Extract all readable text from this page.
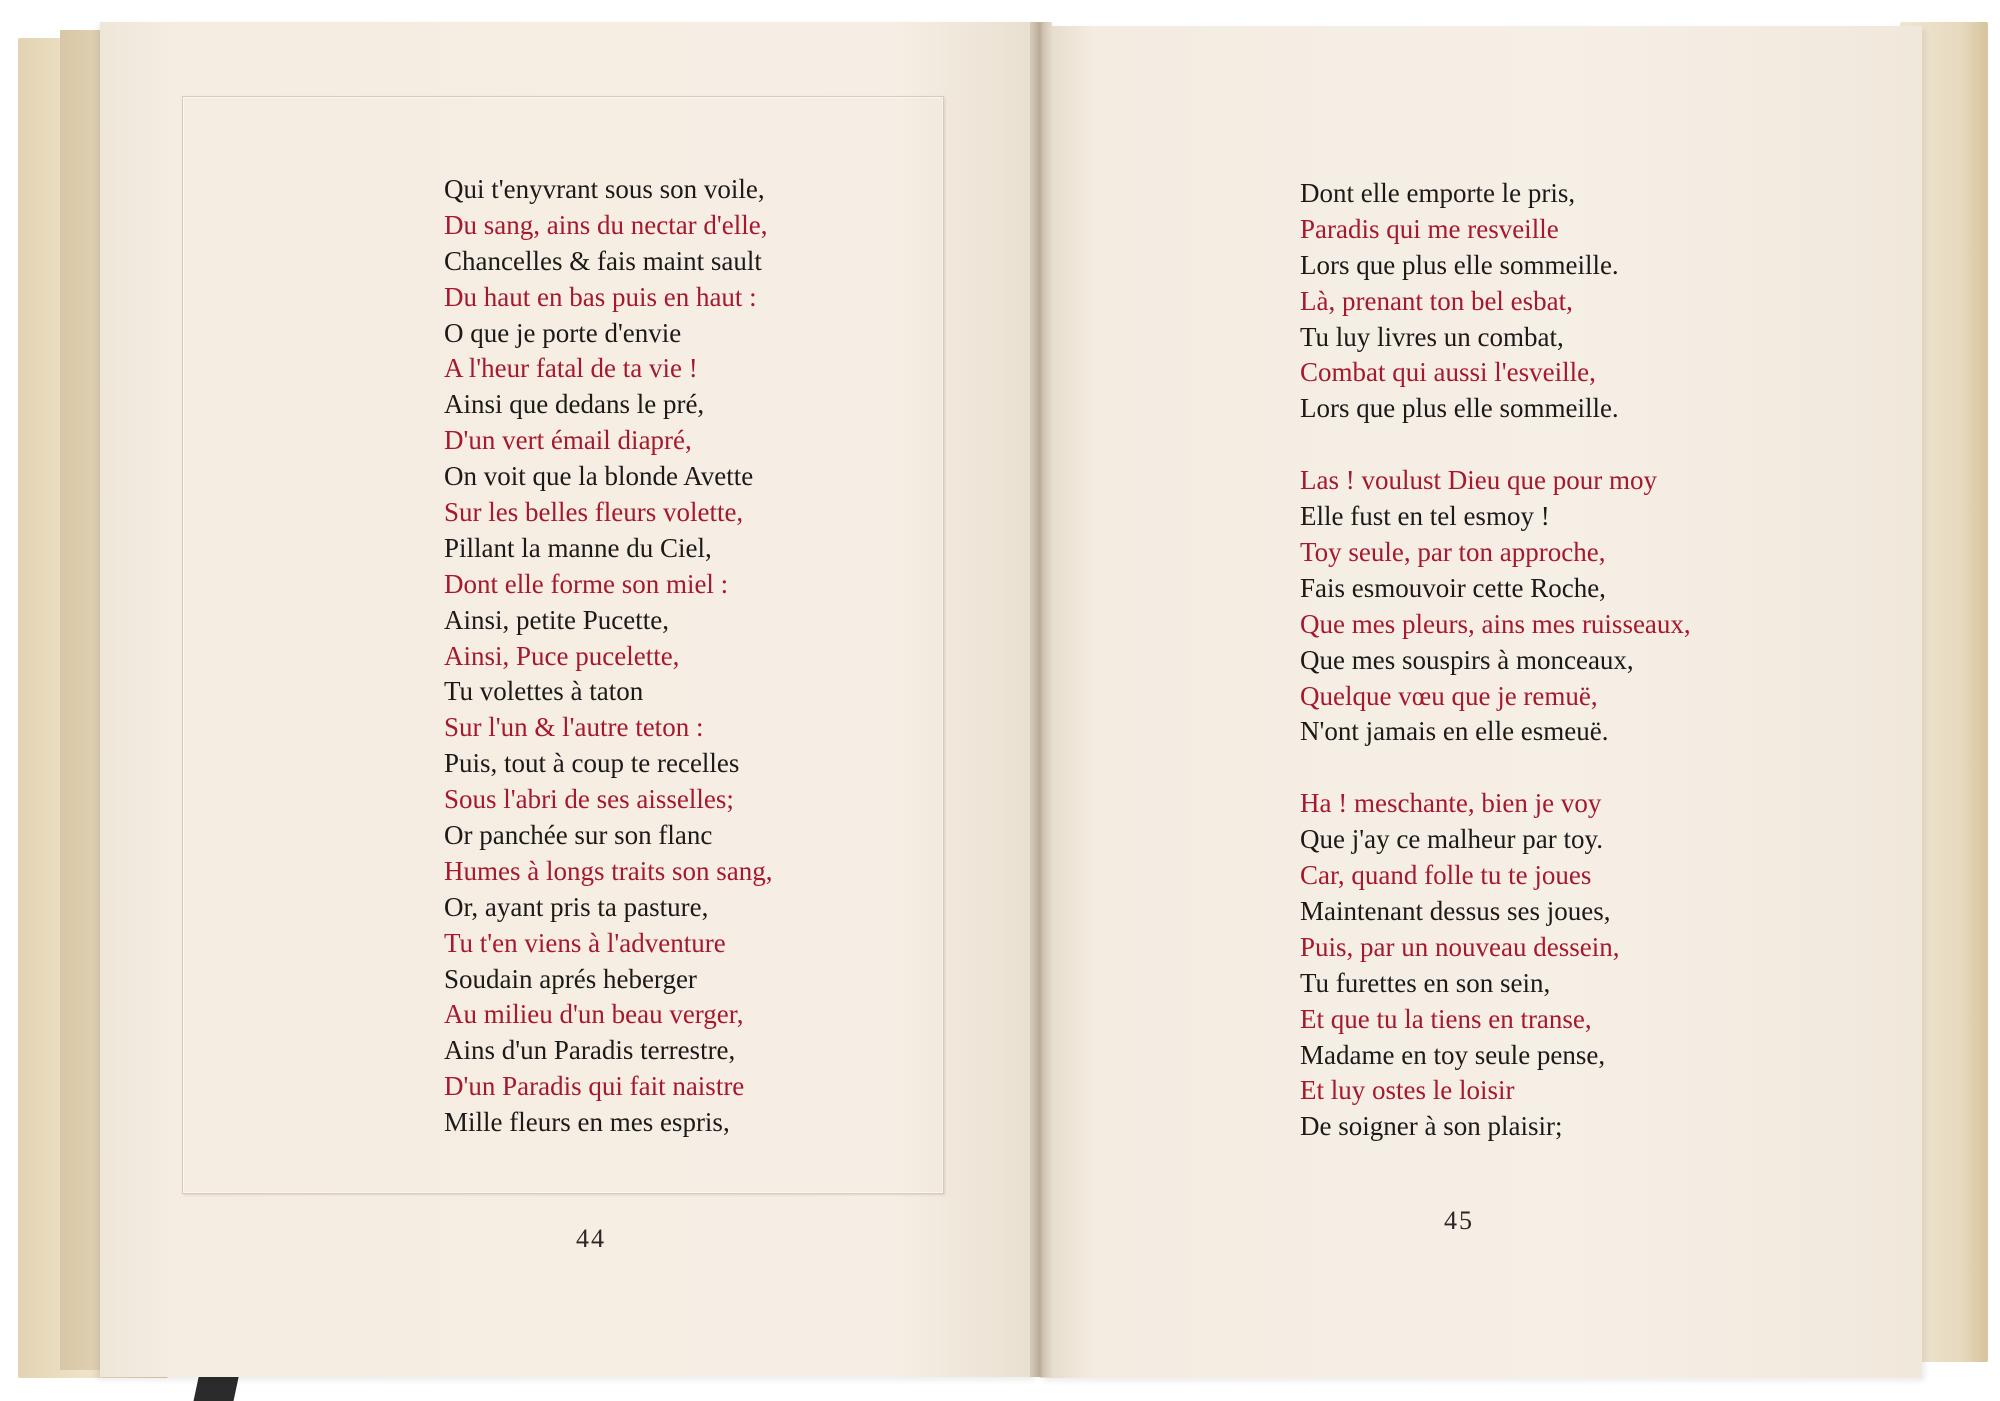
Qui t'enyvrant sous son voile,
Du sang, ains du nectar d'elle,
Chancelles & fais maint sault
Du haut en bas puis en haut :
O que je porte d'envie
A l'heur fatal de ta vie !
Ainsi que dedans le pré,
D'un vert émail diapré,
On voit que la blonde Avette
Sur les belles fleurs volette,
Pillant la manne du Ciel,
Dont elle forme son miel :
Ainsi, petite Pucette,
Ainsi, Puce pucelette,
Tu volettes à taton
Sur l'un & l'autre teton :
Puis, tout à coup te recelles
Sous l'abri de ses aisselles;
Or panchée sur son flanc
Humes à longs traits son sang,
Or, ayant pris ta pasture,
Tu t'en viens à l'adventure
Soudain aprés heberger
Au milieu d'un beau verger,
Ains d'un Paradis terrestre,
D'un Paradis qui fait naistre
Mille fleurs en mes espris,
44
Dont elle emporte le pris,
Paradis qui me resveille
Lors que plus elle sommeille.
Là, prenant ton bel esbat,
Tu luy livres un combat,
Combat qui aussi l'esveille,
Lors que plus elle sommeille.
Las ! voulust Dieu que pour moy
Elle fust en tel esmoy !
Toy seule, par ton approche,
Fais esmouvoir cette Roche,
Que mes pleurs, ains mes ruisseaux,
Que mes souspirs à monceaux,
Quelque vœu que je remuë,
N'ont jamais en elle esmeuë.
Ha ! meschante, bien je voy
Que j'ay ce malheur par toy.
Car, quand folle tu te joues
Maintenant dessus ses joues,
Puis, par un nouveau dessein,
Tu furettes en son sein,
Et que tu la tiens en transe,
Madame en toy seule pense,
Et luy ostes le loisir
De soigner à son plaisir;
45
